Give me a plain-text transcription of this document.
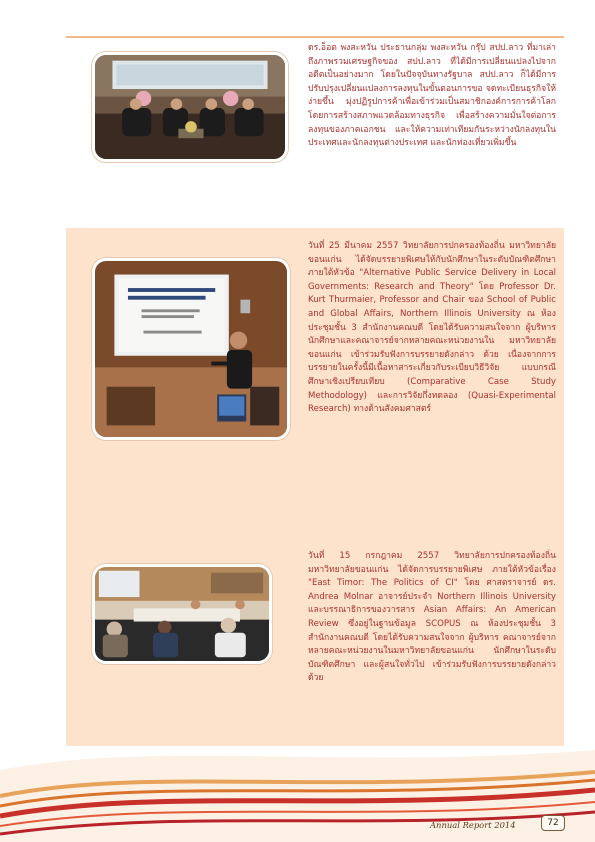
ดร.อ็อต พงสะหวัน ประธานกลุ่ม พงสะหวัน กรุ๊ป สปป.ลาว ที่มาเล่าถึงภาพรวมเศรษฐกิจของ สปป.ลาว ที่ได้มีการเปลี่ยนแปลงไปจากอดีตเป็นอย่างมาก โดยในปัจจุบันทางรัฐบาล สปป.ลาว ก็ได้มีการปรับปรุงเปลี่ยนแปลงการลงทุนในขั้นตอนการขอ จดทะเบียนธุรกิจให้ง่ายขึ้น มุ่งปฏิรูปการค้าเพื่อเข้าร่วมเป็นสมาชิกองค์การการค้าโลก โดยการสร้างสภาพแวดล้อมทางธุรกิจ เพื่อสร้างความมั่นใจต่อการลงทุนของภาคเอกชน และให้ความเท่าเทียมกันระหว่างนักลงทุนในประเทศและนักลงทุนต่างประเทศ และนักท่องเที่ยวเพิ่มขึ้น

วันที่ 25 มีนาคม 2557 วิทยาลัยการปกครองท้องถิ่น มหาวิทยาลัยขอนแก่น ได้จัดบรรยายพิเศษให้กับนักศึกษาในระดับบัณฑิตศึกษา ภายใต้หัวข้อ "Alternative Public Service Delivery in Local Governments: Research and Theory" โดย Professor Dr. Kurt Thurmaier, Professor and Chair ของ School of Public and Global Affairs, Northern Illinois University ณ ห้องประชุมชั้น 3 สำนักงานคณบดี โดยได้รับความสนใจจาก ผู้บริหาร นักศึกษาและคณาจารย์จากหลายคณะหน่วยงานใน มหาวิทยาลัยขอนแก่น เข้าร่วมรับฟังการบรรยายดังกล่าว ด้วย เนื่องจากการบรรยายในครั้งนี้มีเนื้อหาสาระเกี่ยวกับระเบียบวิธีวิจัย แบบกรณีศึกษาเชิงเปรียบเทียบ (Comparative Case Study Methodology) และการวิจัยกึ่งทดลอง (Quasi-Experimental Research) ทางด้านสังคมศาสตร์

วันที่ 15 กรกฎาคม 2557 วิทยาลัยการปกครองท้องถิ่น มหาวิทยาลัยขอนแก่น ได้จัดการบรรยายพิเศษ ภายใต้หัวข้อเรื่อง "East Timor: The Politics of CI" โดย ศาสตราจารย์ ดร. Andrea Molnar อาจารย์ประจำ Northern Illinois University และบรรณาธิการของวารสาร Asian Affairs: An American Review ซึ่งอยู่ในฐานข้อมูล SCOPUS ณ ห้องประชุมชั้น 3 สำนักงานคณบดี โดยได้รับความสนใจจาก ผู้บริหาร คณาจารย์จากหลายคณะหน่วยงานในมหาวิทยาลัยขอนแก่น นักศึกษาในระดับบัณฑิตศึกษา และผู้สนใจทั่วไป เข้าร่วมรับฟังการบรรยายดังกล่าวด้วย

Annual Report 2014	72
